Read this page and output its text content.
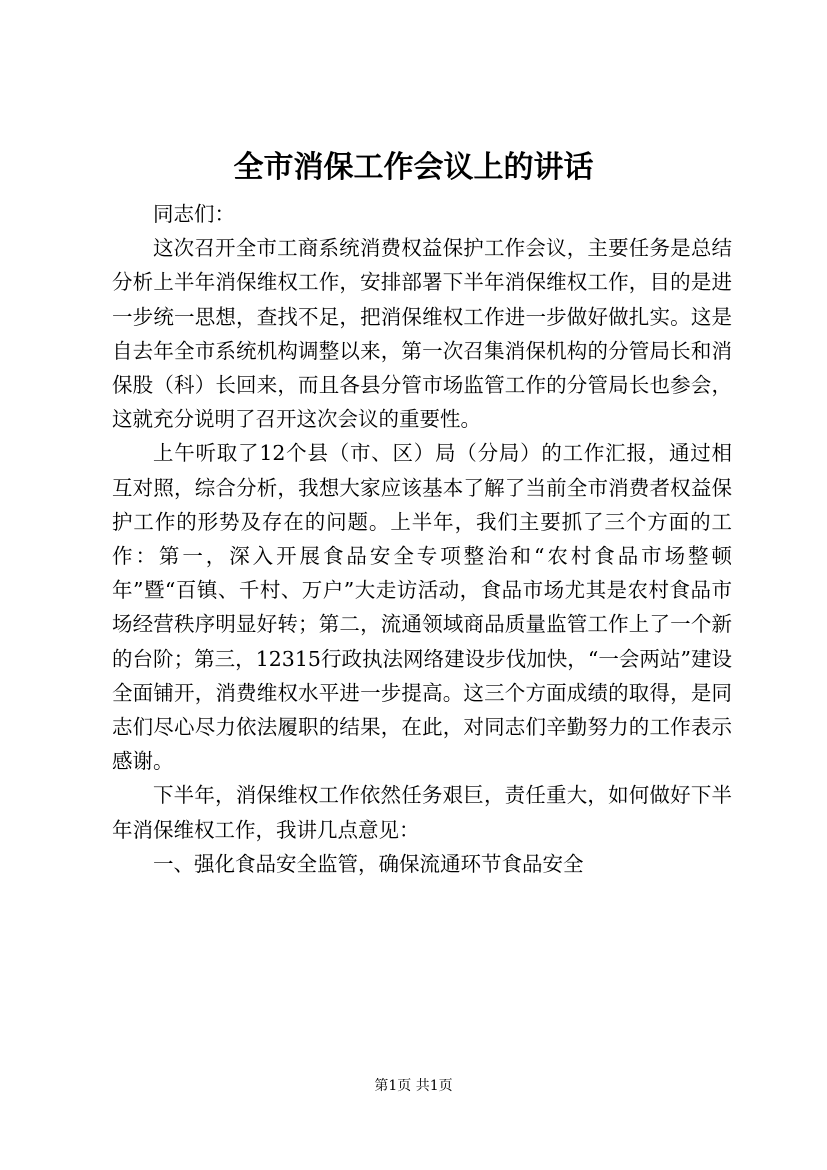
全市消保工作会议上的讲话

同志们：

这次召开全市工商系统消费权益保护工作会议，主要任务是总结分析上半年消保维权工作，安排部署下半年消保维权工作，目的是进一步统一思想，查找不足，把消保维权工作进一步做好做扎实。这是自去年全市系统机构调整以来，第一次召集消保机构的分管局长和消保股（科）长回来，而且各县分管市场监管工作的分管局长也参会，这就充分说明了召开这次会议的重要性。

上午听取了12个县（市、区）局（分局）的工作汇报，通过相互对照，综合分析，我想大家应该基本了解了当前全市消费者权益保护工作的形势及存在的问题。上半年，我们主要抓了三个方面的工作：第一，深入开展食品安全专项整治和“农村食品市场整顿年”暨“百镇、千村、万户”大走访活动，食品市场尤其是农村食品市场经营秩序明显好转；第二，流通领域商品质量监管工作上了一个新的台阶；第三，12315行政执法网络建设步伐加快，“一会两站”建设全面铺开，消费维权水平进一步提高。这三个方面成绩的取得，是同志们尽心尽力依法履职的结果，在此，对同志们辛勤努力的工作表示感谢。

下半年，消保维权工作依然任务艰巨，责任重大，如何做好下半年消保维权工作，我讲几点意见：

一、强化食品安全监管，确保流通环节食品安全

第1页 共1页
